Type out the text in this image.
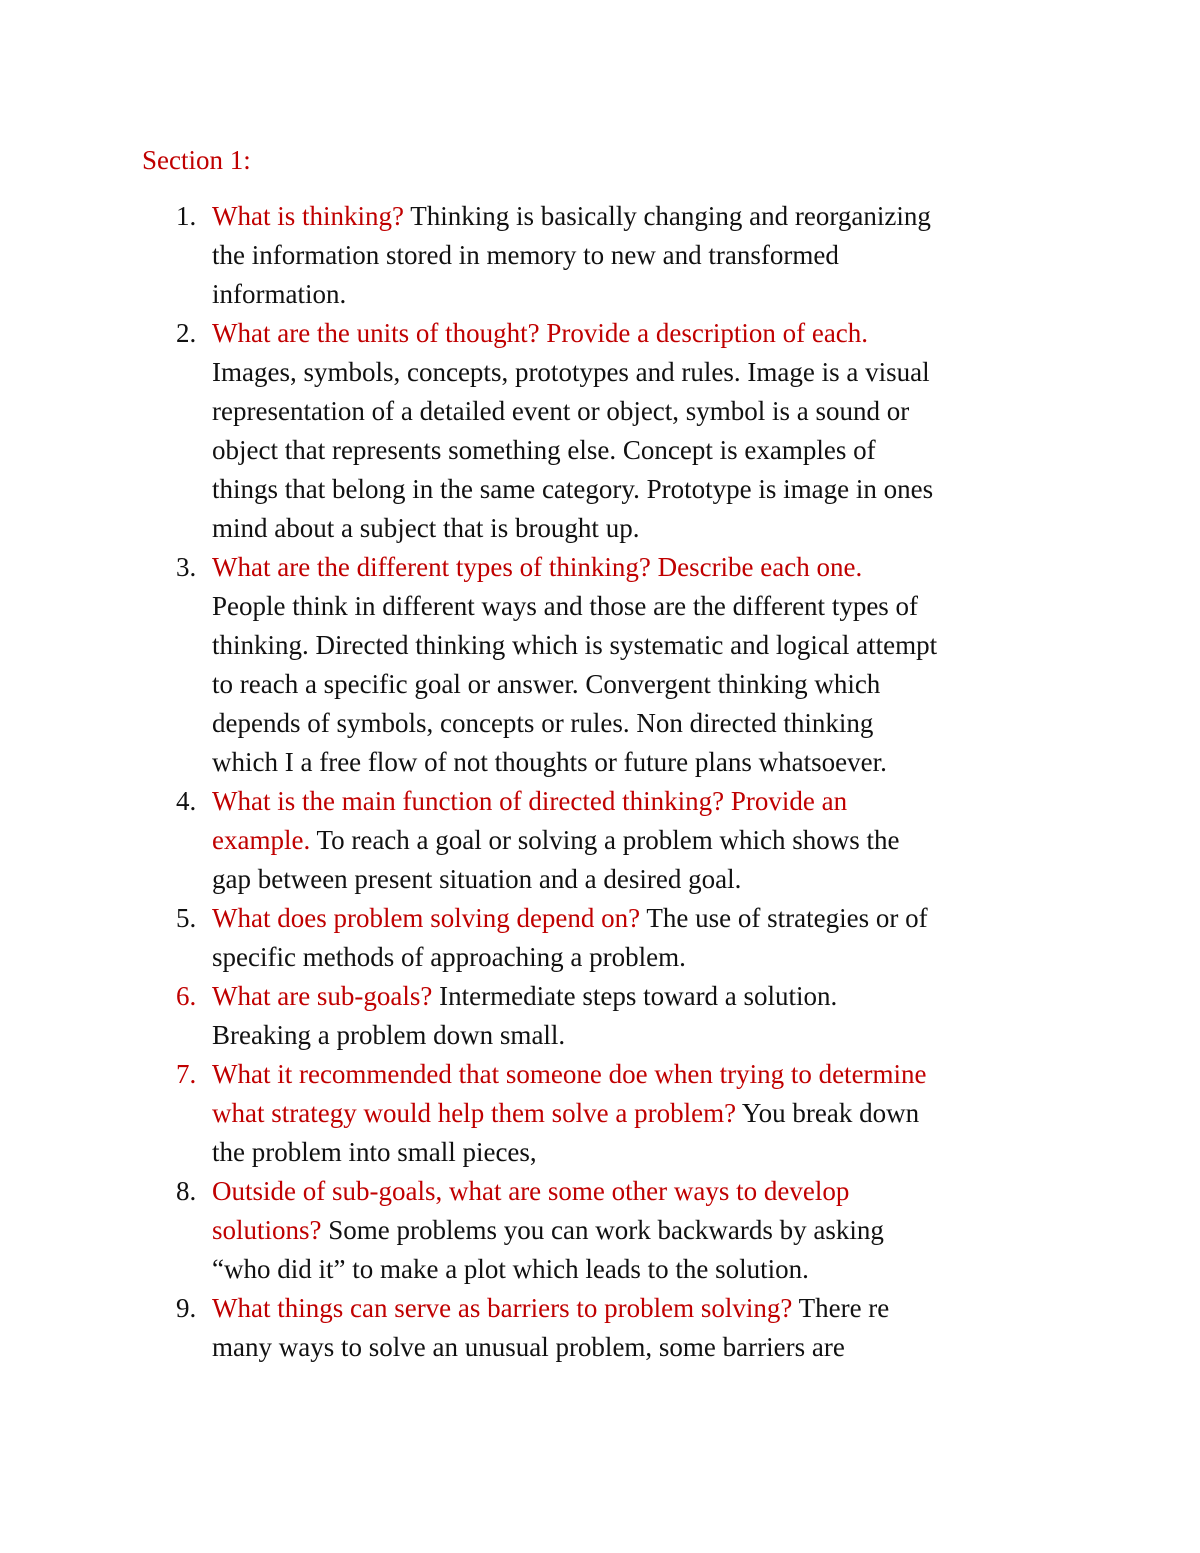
Section 1:
1. What is thinking? Thinking is basically changing and reorganizing
the information stored in memory to new and transformed
information.
2. What are the units of thought? Provide a description of each.
Images, symbols, concepts, prototypes and rules. Image is a visual
representation of a detailed event or object, symbol is a sound or
object that represents something else. Concept is examples of
things that belong in the same category. Prototype is image in ones
mind about a subject that is brought up.
3. What are the different types of thinking? Describe each one.
People think in different ways and those are the different types of
thinking. Directed thinking which is systematic and logical attempt
to reach a specific goal or answer. Convergent thinking which
depends of symbols, concepts or rules. Non directed thinking
which I a free flow of not thoughts or future plans whatsoever.
4. What is the main function of directed thinking? Provide an
example. To reach a goal or solving a problem which shows the
gap between present situation and a desired goal.
5. What does problem solving depend on? The use of strategies or of
specific methods of approaching a problem.
6. What are sub-goals? Intermediate steps toward a solution.
Breaking a problem down small.
7. What it recommended that someone doe when trying to determine
what strategy would help them solve a problem? You break down
the problem into small pieces,
8. Outside of sub-goals, what are some other ways to develop
solutions? Some problems you can work backwards by asking
“who did it” to make a plot which leads to the solution.
9. What things can serve as barriers to problem solving? There re
many ways to solve an unusual problem, some barriers are
